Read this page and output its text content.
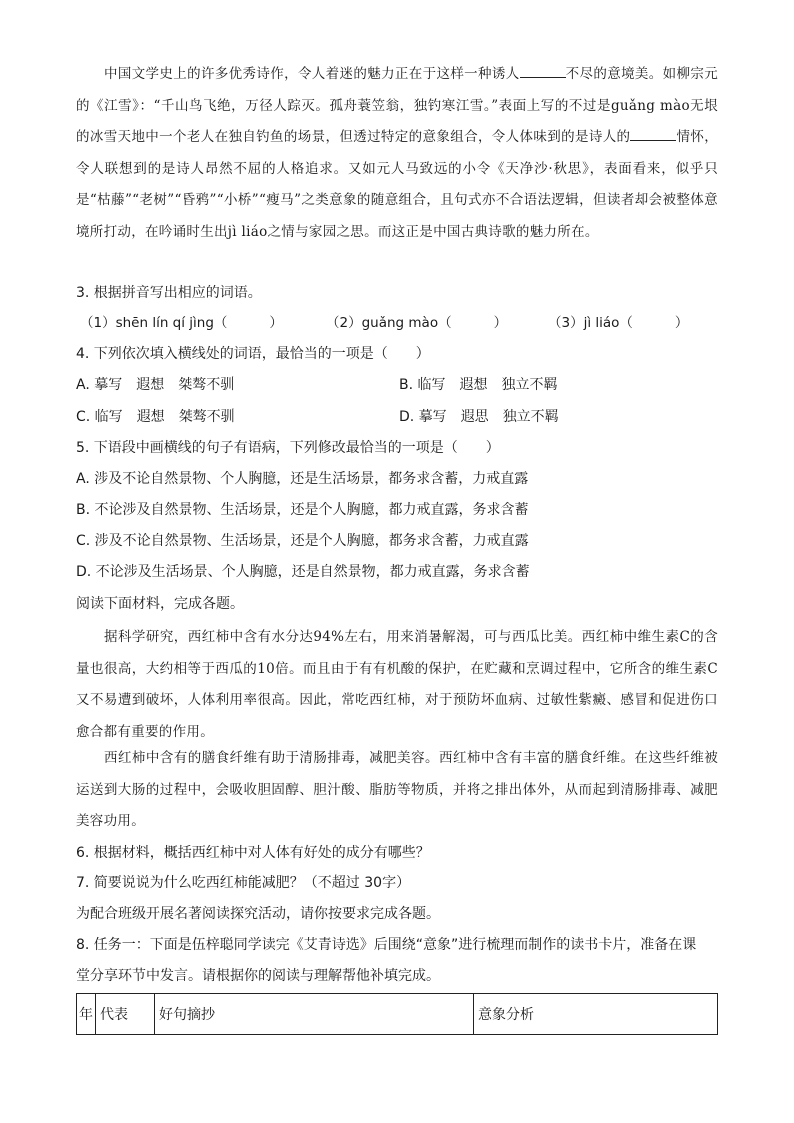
中国文学史上的许多优秀诗作，令人着迷的魅力正在于这样一种诱人	不尽的意境美。如柳宗元的《江雪》：“千山鸟飞绝，万径人踪灭。孤舟蓑笠翁，独钓寒江雪。”表面上写的不过是guǎng mào无垠的冰雪天地中一个老人在独自钓鱼的场景，但透过特定的意象组合，令人体味到的是诗人的	情怀，令人联想到的是诗人昂然不屈的人格追求。又如元人马致远的小令《天净沙·秋思》，表面看来，似乎只是“枯藤”“老树”“昏鸦”“小桥”“瘦马”之类意象的随意组合，且句式亦不合语法逻辑，但读者却会被整体意境所打动，在吟诵时生出jì liáo之情与家园之思。而这正是中国古典诗歌的魅力所在。

3. 根据拼音写出相应的词语。
（1）shēn lín qí jìng（	）	（2）guǎng mào（	）	（3）jì liáo（	）
4. 下列依次填入横线处的词语，最恰当的一项是（　　）
A. 摹写 遐想 桀骜不驯	B. 临写 遐想 独立不羁
C. 临写 遐想 桀骜不驯	D. 摹写 遐思 独立不羁
5. 下语段中画横线的句子有语病，下列修改最恰当的一项是（　　）
A. 涉及不论自然景物、个人胸臆，还是生活场景，都务求含蓄，力戒直露
B. 不论涉及自然景物、生活场景，还是个人胸臆，都力戒直露，务求含蓄
C. 涉及不论自然景物、生活场景，还是个人胸臆，都务求含蓄，力戒直露
D. 不论涉及生活场景、个人胸臆，还是自然景物，都力戒直露，务求含蓄
阅读下面材料，完成各题。

据科学研究，西红柿中含有水分达94%左右，用来消暑解渴，可与西瓜比美。西红柿中维生素C的含量也很高，大约相等于西瓜的10倍。而且由于有有机酸的保护，在贮藏和烹调过程中，它所含的维生素C又不易遭到破坏，人体利用率很高。因此，常吃西红柿，对于预防坏血病、过敏性紫癜、感冒和促进伤口愈合都有重要的作用。

西红柿中含有的膳食纤维有助于清肠排毒，减肥美容。西红柿中含有丰富的膳食纤维。在这些纤维被运送到大肠的过程中，会吸收胆固醇、胆汁酸、脂肪等物质，并将之排出体外，从而起到清肠排毒、减肥美容功用。

6. 根据材料，概括西红柿中对人体有好处的成分有哪些？
7. 简要说说为什么吃西红柿能减肥？（不超过 30字）
为配合班级开展名著阅读探究活动，请你按要求完成各题。
8. 任务一：下面是伍梓聪同学读完《艾青诗选》后围绕“意象”进行梳理而制作的读书卡片，准备在课
堂分享环节中发言。请根据你的阅读与理解帮他补填完成。
年	代表	好句摘抄	意象分析
